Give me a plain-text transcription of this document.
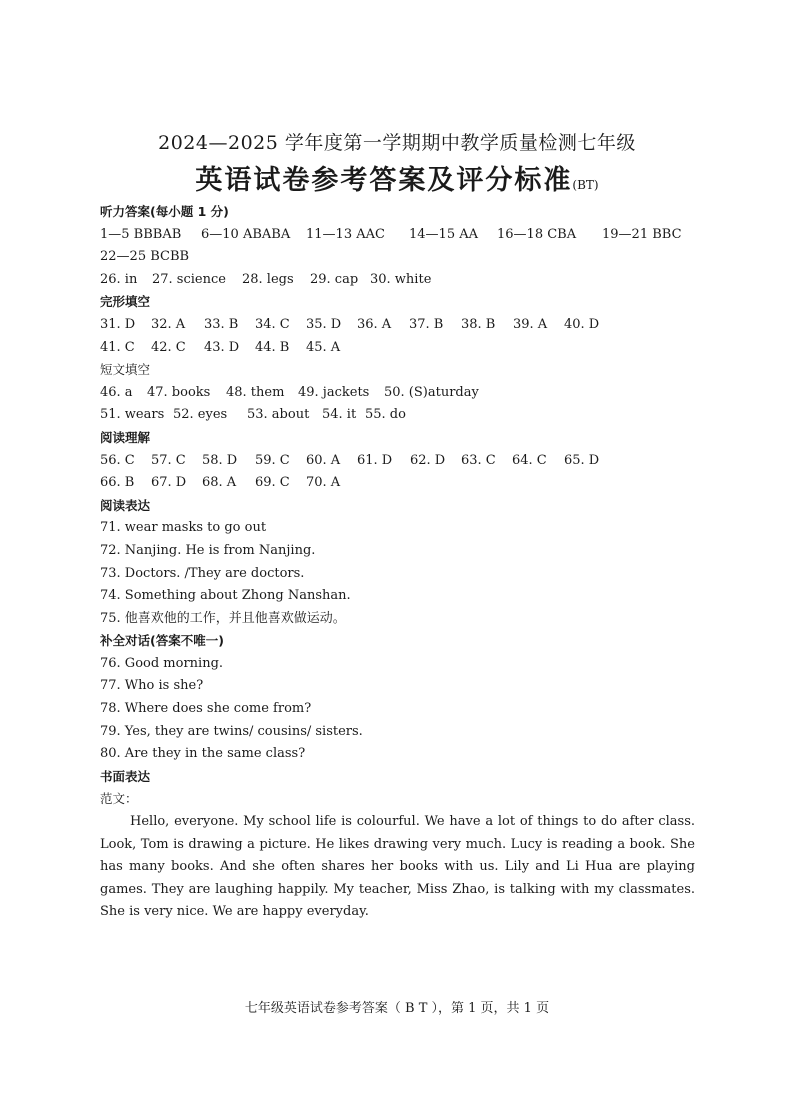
2024—2025 学年度第一学期期中教学质量检测七年级
英语试卷参考答案及评分标准(BT)
听力答案(每小题 1 分)
1—5 BBBAB 6—10 ABABA 11—13 AAC 14—15 AA 16—18 CBA 19—21 BBC
22—25 BCBB
26. in 27. science 28. legs 29. cap 30. white
完形填空
31. D 32. A 33. B 34. C 35. D 36. A 37. B 38. B 39. A 40. D
41. C 42. C 43. D 44. B 45. A
短文填空
46. a 47. books 48. them 49. jackets 50. (S)aturday
51. wears 52. eyes 53. about 54. it 55. do
阅读理解
56. C 57. C 58. D 59. C 60. A 61. D 62. D 63. C 64. C 65. D
66. B 67. D 68. A 69. C 70. A
阅读表达
71. wear masks to go out
72. Nanjing. He is from Nanjing.
73. Doctors. /They are doctors.
74. Something about Zhong Nanshan.
75. 他喜欢他的工作，并且他喜欢做运动。
补全对话(答案不唯一)
76. Good morning.
77. Who is she?
78. Where does she come from?
79. Yes, they are twins/ cousins/ sisters.
80. Are they in the same class?
书面表达
范文：
Hello, everyone. My school life is colourful. We have a lot of things to do after class. Look, Tom is drawing a picture. He likes drawing very much. Lucy is reading a book. She has many books. And she often shares her books with us. Lily and Li Hua are playing games. They are laughing happily. My teacher, Miss Zhao, is talking with my classmates. She is very nice. We are happy everyday.
七年级英语试卷参考答案（ B T ），第 1 页，共 1 页
